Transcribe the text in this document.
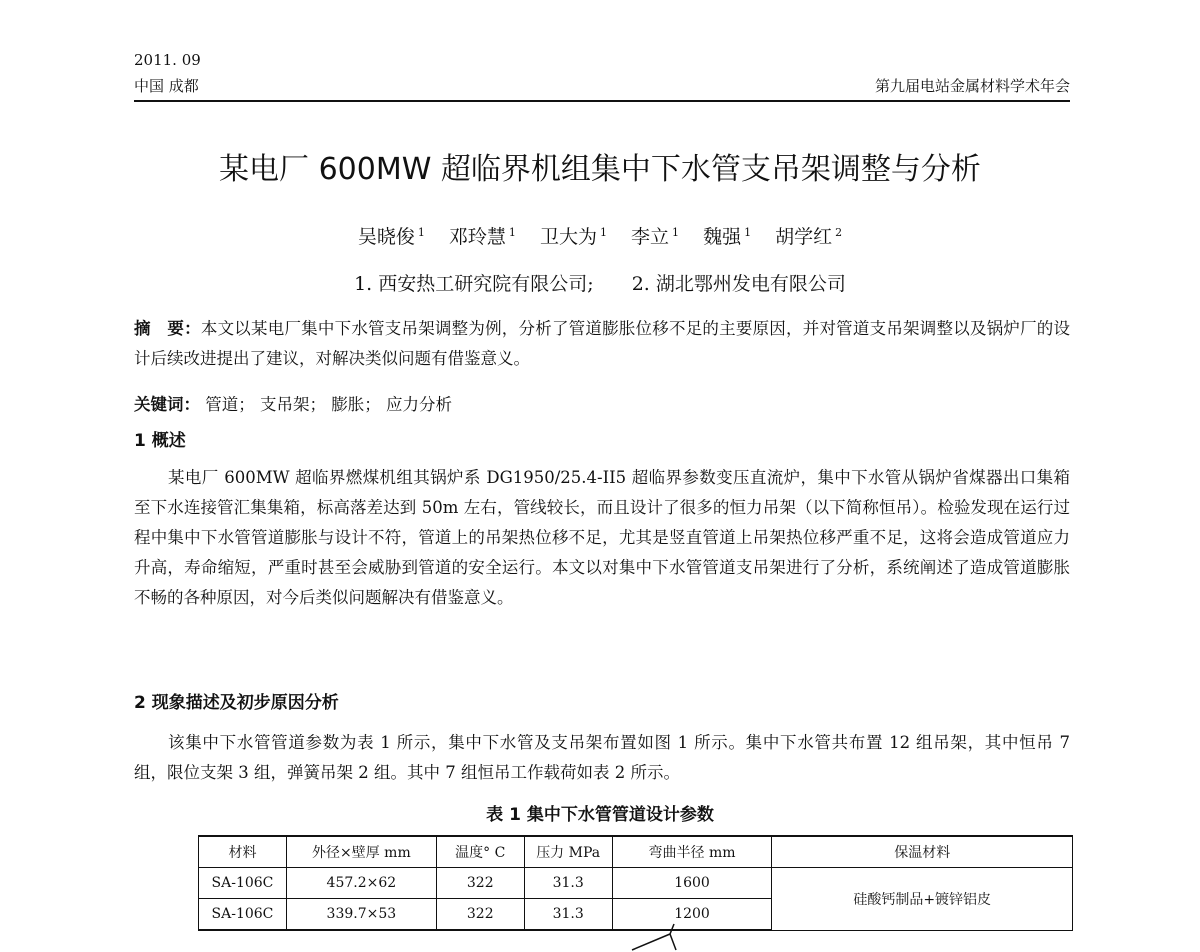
2011. 09
中国 成都	第九届电站金属材料学术年会
某电厂 600MW 超临界机组集中下水管支吊架调整与分析
吴晓俊 $^1$ 邓玲慧 $^1$ 卫大为 $^1$ 李立 $^1$ 魏强 $^1$ 胡学红 $^2$
1. 西安热工研究院有限公司; 2. 湖北鄂州发电有限公司
摘　要：本文以某电厂集中下水管支吊架调整为例，分析了管道膨胀位移不足的主要原因，并对管道支吊架调整以及锅炉厂的设计后续改进提出了建议，对解决类似问题有借鉴意义。
关键词： 管道； 支吊架； 膨胀； 应力分析
1 概述
某电厂 600MW 超临界燃煤机组其锅炉系 DG1950/25.4-II5 超临界参数变压直流炉，集中下水管从锅炉省煤器出口集箱至下水连接管汇集集箱，标高落差达到 50m 左右，管线较长，而且设计了很多的恒力吊架（以下简称恒吊）。检验发现在运行过程中集中下水管管道膨胀与设计不符，管道上的吊架热位移不足，尤其是竖直管道上吊架热位移严重不足，这将会造成管道应力升高，寿命缩短，严重时甚至会威胁到管道的安全运行。本文以对集中下水管管道支吊架进行了分析，系统阐述了造成管道膨胀不畅的各种原因，对今后类似问题解决有借鉴意义。
2 现象描述及初步原因分析
该集中下水管管道参数为表 1 所示，集中下水管及支吊架布置如图 1 所示。集中下水管共布置 12 组吊架，其中恒吊 7 组，限位支架 3 组，弹簧吊架 2 组。其中 7 组恒吊工作载荷如表 2 所示。
表 1 集中下水管管道设计参数
材料	外径×壁厚 mm	温度° C	压力 MPa	弯曲半径 mm	保温材料
SA-106C	457.2×62	322	31.3	1600	硅酸钙制品+镀锌铝皮
SA-106C	339.7×53	322	31.3	1200	
